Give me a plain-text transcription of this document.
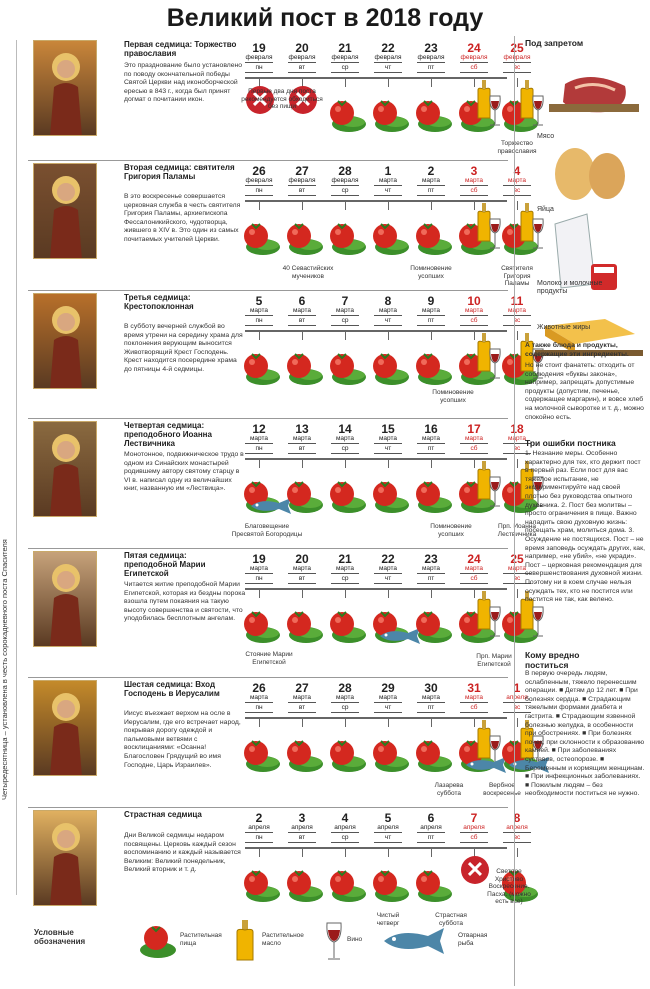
Великий пост в 2018 году
Четыредесятница – установлена в честь сорокадневного поста Спасителя
Первая седмица: Торжество православия
Это празднование было установлено по поводу окончательной победы Святой Церкви над иконоборческой ересью в 843 г., когда был принят догмат о почитании икон.
19
февраля
пн
✕
20
февраля
вт
✕
21
февраля
ср
22
февраля
чт
23
февраля
пт
24
февраля
сб
25
февраля
вс
Первые два дня поста рекомендуется обходиться без пищи
Торжество православия
Вторая седмица: святителя Григория Паламы
В это воскресенье совершается церковная служба в честь святителя Григория Паламы, архиепископа Фессалоникийского, чудотворца, жившего в XIV в. Это один из самых почитаемых учителей Церкви.
26
февраля
пн
27
февраля
вт
28
февраля
ср
1
марта
чт
2
марта
пт
3
марта
сб
4
марта
вс
40 Севастийских мучеников
Поминовение усопших
Святителя Григория Паламы
Третья седмица: Крестопоклонная
В субботу вечерней службой во время утрени на середину храма для поклонения верующим выносится Животворящий Крест Господень. Крест находится посередине храма до пятницы 4-й седмицы.
5
марта
пн
6
марта
вт
7
марта
ср
8
марта
чт
9
марта
пт
10
марта
сб
11
марта
вс
Поминовение усопших
Четвертая седмица: преподобного Иоанна Лествичника
Монотонное, подвижническое трудо в одном из Синайских монастырей родившему автору святому старцу в VI в. написал одну из величайших книг, названную им «Лествица».
12
марта
пн
13
марта
вт
14
марта
ср
15
марта
чт
16
марта
пт
17
марта
сб
18
марта
вс
Благовещение Пресвятой Богородицы
Поминовение усопших
Прп. Иоанна Лествичника
Пятая седмица: преподобной Марии Египетской
Читается житие преподобной Марии Египетской, которая из бездны порока взошла путем покаяния на такую высоту совершенства и святости, что уподобилась бесплотным ангелам.
19
марта
пн
20
марта
вт
21
марта
ср
22
марта
чт
23
марта
пт
24
марта
сб
25
марта
вс
Стояние Марии Египетской
Прп. Марии Египетской
Шестая седмица: Вход Господень в Иерусалим
Иисус въезжает верхом на осле в Иерусалим, где его встречает народ, покрывая дорогу одеждой и пальмовыми ветвями с восклицаниями: «Осанна! Благословен Грядущий во имя Господне, Царь Израилев».
26
марта
пн
27
марта
вт
28
марта
ср
29
марта
чт
30
марта
пт
31
марта
сб
1
апреля
вс
Лазарева суббота
Вербное воскресенье
Страстная седмица
Дни Великой седмицы недаром посвящены. Церковь каждый сезон воспоминанию и каждый называется Великим: Великий понедельник, Великий вторник и т. д.
2
апреля
пн
3
апреля
вт
4
апреля
ср
5
апреля
чт
6
апреля
пт
7
апреля
сб
✕
8
апреля
вс
Чистый четверг
Страстная суббота
Светлое Христово Воскресение. Пасха. (можно есть все)
Под запретом
Мясо
Яйца
Молоко и молочные продукты
Животные жиры
А также блюда и продукты, содержащие эти ингредиенты.
Но не стоит фанатеть: отходить от соблюдения «буквы закона», например, запрещать допустимые продукты (допустим, печенье, содержащее маргарин), и вовсе хлеб на молочной сыворотке и т. д., можно спокойно есть.
Три ошибки постника
1. Незнание меры. Особенно характерно для тех, кто держит пост в первый раз. Если пост для вас тяжелое испытание, не экспериментируйте над своей плотью без руководства опытного духовника. 2. Пост без молитвы – просто ограничения в пище. Важно наладить свою духовную жизнь: посещать храм, молиться дома. 3. Осуждение не постящихся. Пост – не время заповедь осуждать других, как, например, «не убий», «не укради». Пост – церковная рекомендация для совершенствования духовной жизни. Поэтому ни в коем случае нельзя осуждать тех, кто не постится или постится не так, как велено.
Кому вредно поститься
В первую очередь людям, ослабленным, тяжело перенесшим операции. ■ Детям до 12 лет. ■ При болезнях сердца. ■ Страдающим тяжелыми формами диабета и гастрита. ■ Страдающим язвенной болезнью желудка, в особенности при обострениях. ■ При болезнях почек, при склонности к образованию камней. ■ При заболеваниях суставов, остеопорозе. ■ Беременным и кормящим женщинам. ■ При инфекционных заболеваниях. ■ Пожилым людям – без необходимости поститься не нужно.
Условные обозначения
Растительная пища
Растительное масло	Вино
Отварная рыба
